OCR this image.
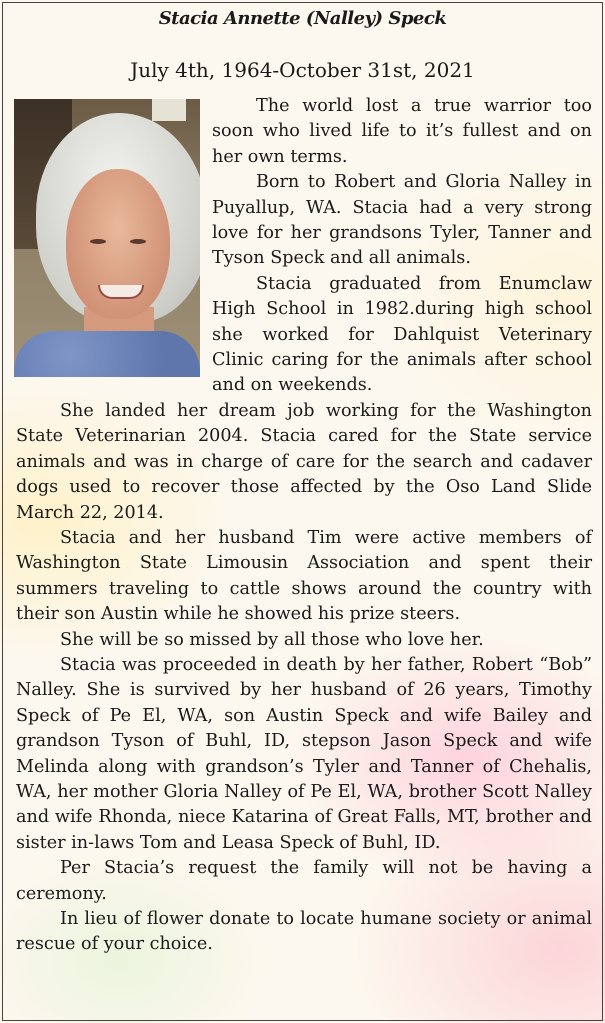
Stacia Annette (Nalley) Speck
July 4th, 1964-October 31st, 2021

The world lost a true warrior too soon who lived life to it’s fullest and on her own terms.

Born to Robert and Gloria Nalley in Puyallup, WA. Stacia had a very strong love for her grandsons Tyler, Tanner and Tyson Speck and all animals.

Stacia graduated from Enumclaw High School in 1982.during high school she worked for Dahlquist Veterinary Clinic caring for the animals after school and on weekends.

She landed her dream job working for the Washington State Veterinarian 2004. Stacia cared for the State service animals and was in charge of care for the search and cadaver dogs used to recover those affected by the Oso Land Slide March 22, 2014.

Stacia and her husband Tim were active members of Washington State Limousin Association and spent their summers traveling to cattle shows around the country with their son Austin while he showed his prize steers.

She will be so missed by all those who love her.

Stacia was proceeded in death by her father, Robert “Bob” Nalley. She is survived by her husband of 26 years, Timothy Speck of Pe El, WA, son Austin Speck and wife Bailey and grandson Tyson of Buhl, ID, stepson Jason Speck and wife Melinda along with grandson’s Tyler and Tanner of Chehalis, WA, her mother Gloria Nalley of Pe El, WA, brother Scott Nalley and wife Rhonda, niece Katarina of Great Falls, MT, brother and sister in-laws Tom and Leasa Speck of Buhl, ID.

Per Stacia’s request the family will not be having a ceremony.

In lieu of flower donate to locate humane society or animal rescue of your choice.
